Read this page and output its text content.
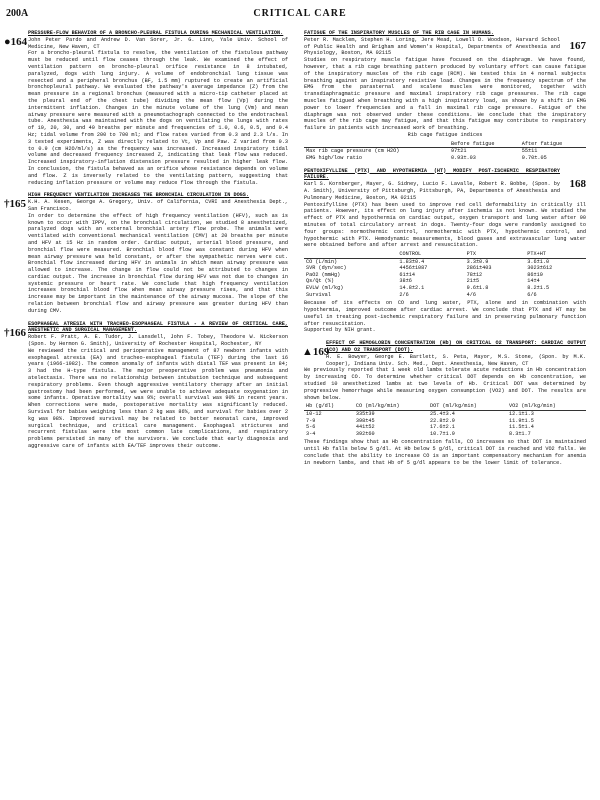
200A	CRITICAL CARE
●164

PRESSURE-FLOW BEHAVIOR OF A BRONCHO-PLEURAL FISTULA DURING MECHANICAL VENTILATION.

John Peter Pardo and Andrew D. Van Sorer, Jr. G. Linn, Yale Univ. School of Medicine, New Haven, CT

For a broncho-pleural fistula to resolve, the ventilation of the fistulous pathway must be reduced until flow ceases through the leak. We examined the effect of ventilation pattern on broncho-pleural orifice resistance in 8 intubated, paralyzed, dogs with lung injury. A volume of endobronchial lung tissue was resected and a peripheral bronchus (BF, 1.5 mm) ruptured to create an artificial bronchopleural pathway. We evaluated the pathway's average impedance (Z) from the mean pressure in a regional bronchus (measured with a micro-tip catheter placed at the pleural end of the chest tube) dividing the mean flow (Vp) during the intermittent inflation. Changes in the minute volume of the lung (Vm) and mean airway pressure were measured with a pneumotachograph connected to the endotracheal tube. Anesthesia was maintained with the dogs on ventilating the lungs with rates of 10, 20, 30, and 40 breaths per minute and frequencies of 1.0, 0.6, 0.5, and 0.4 Hz; tidal volume from 200 to 700 ml; and flow rates varied from 0.3 and 2.3 l/s. In 3 tested experiments, Z was directly related to Vt, Vp and Paw. Z varied from 0.3 to 0.9 (cm H2O/ml/s) as the frequency was increased. Increased inspiratory tidal volume and decreased frequency increased Z, indicating that leak flow was reduced. Increased inspiratory-inflation distension pressure resulted in higher leak flow. In conclusion, the fistula behaved as an orifice whose resistance depends on volume and flow. Z is inversely related to the ventilating pattern, suggesting that reducing inflation pressure or volume may reduce flow through the fistula.

†165

HIGH FREQUENCY VENTILATION INCREASES THE BRONCHIAL CIRCULATION IN DOGS.

K.H. A. Kesen, George A. Gregory, Univ. of California, CVRI and Anesthesia Dept., San Francisco.

In order to determine the effect of high frequency ventilation (HFV), such as is known to occur with IPPV, on the bronchial circulation, we studied 8 anesthetized, paralyzed dogs with an external bronchial artery flow probe. The animals were ventilated with conventional mechanical ventilation (CMV) at 20 breaths per minute and HFV at 15 Hz in random order. Cardiac output, arterial blood pressure, and bronchial flow were measured. Bronchial blood flow was constant during HFV when mean airway pressure was held constant, or after the sympathetic nerves were cut. Bronchial flow increased during HFV in animals in which mean airway pressure was allowed to increase. The change in flow could not be attributed to changes in cardiac output. The increase in bronchial flow during HFV was not due to changes in systemic pressure or heart rate. We conclude that high frequency ventilation increases bronchial blood flow when mean airway pressure rises, and that this increase may be important in the maintenance of the airway mucosa. The slope of the relation between bronchial flow and airway pressure was greater during HFV than during CMV.

†166

ESOPHAGEAL ATRESIA WITH TRACHEO-ESOPHAGEAL FISTULA - A REVIEW OF CRITICAL CARE, ANESTHETIC AND SURGICAL MANAGEMENT.

Robert F. Pratt, A. E. Tudor, J. Lansdell, John F. Tobey, Theodore W. Nickerson (Spon. by Hermon G. Smith), University of Rochester Hospital, Rochester, NY

We reviewed the critical and perioperative management of 87 newborn infants with esophageal atresia (EA) and tracheo-esophageal fistula (TEF) during the last 16 years (1966-1982). The common anomaly of infants with distal TEF was present in 84; 3 had the H-type fistula. The major preoperative problem was pneumonia and atelectasis. There was no relationship between intubation technique and subsequent respiratory problems. Even though aggressive ventilatory therapy after an initial gastrostomy had been performed, we were unable to achieve adequate oxygenation in some infants. Operative mortality was 9%; overall survival was 90% in recent years. When corrections were made, postoperative mortality was significantly reduced. Survival for babies weighing less than 2 kg was 86%, and survival for babies over 2 kg was 98%. Improved survival may be related to better neonatal care, improved surgical technique, and critical care management. Esophageal strictures and recurrent fistulas were the most common late complications, and respiratory problems persisted in many of the survivors. We conclude that early diagnosis and aggressive care of infants with EA/TEF improves their outcome.

167

FATIGUE OF THE INSPIRATORY MUSCLES OF THE RIB CAGE IN HUMANS.

Peter R. Macklem, Stephen H. Loring, Jere Mead, Lowell D. Woodson, Harvard School of Public Health and Brigham and Women's Hospital, Departments of Anesthesia and Physiology, Boston, MA 02115

Studies on respiratory muscle fatigue have focused on the diaphragm. We have found, however, that a rib cage breathing pattern produced by voluntary effort can cause fatigue of the inspiratory muscles of the rib cage (RCM). We tested this in 4 normal subjects breathing against an inspiratory resistive load. Changes in the frequency spectrum of the EMG from the parasternal and scalene muscles were monitored, together with transdiaphragmatic pressure and maximal inspiratory rib cage pressures. The rib cage muscles fatigued when breathing with a high inspiratory load, as shown by a shift in EMG power to lower frequencies and a fall in maximal rib cage pressure. Fatigue of the diaphragm was not observed under these conditions. We conclude that the inspiratory muscles of the rib cage may fatigue, and that this fatigue may contribute to respiratory failure in patients with increased work of breathing.

Rib cage fatigue indices

	Before fatigue	After fatigue
Max rib cage pressure (cm H2O)	97±21	55±11
EMG high/low ratio	0.93±.03	0.70±.05
168

PENTOXIFYLLINE (PTX) AND HYPOTHERMIA (HT) MODIFY POST-ISCHEMIC RESPIRATORY FAILURE.

Karl S. Kornberger, Mayer, G. Sidney, Lucio F. Lavalle, Robert R. Bobbe, (Spon. by A. Smith), University of Pittsburgh, Pittsburgh, PA, Departments of Anesthesia and Pulmonary Medicine, Boston, MA 02115

Pentoxifylline (PTX) has been used to improve red cell deformability in critically ill patients. However, its effect on lung injury after ischemia is not known. We studied the effect of PTX and hypothermia on cardiac output, oxygen transport and lung water after 90 minutes of total circulatory arrest in dogs. Twenty-four dogs were randomly assigned to four groups: normothermic control, normothermic with PTX, hypothermic control, and hypothermic with PTX. Hemodynamic measurements, blood gases and extravascular lung water were obtained before and after arrest and resuscitation.

	CONTROL	PTX	PTX+HT
CO (L/min)	1.83±0.4	3.3±0.9	3.6±1.0
SVR (dyn/sec)	4456±1087	2861±403	3023±612
PaO2 (mmHg)	61±14	78±12	86±10
Qs/Qt (%)	38±6	21±5	14±4
EVLW (ml/kg)	14.8±2.1	9.6±1.8	8.2±1.5
Survival	2/6	4/6	6/6

Because of its effects on CO and lung water, PTX, alone and in combination with hypothermia, improved outcome after cardiac arrest. We conclude that PTX and HT may be useful in treating post-ischemic respiratory failure and in preserving pulmonary function after resuscitation.

Supported by NIH grant.

▲169

EFFECT OF HEMOGLOBIN CONCENTRATION (Hb) ON CRITICAL O2 TRANSPORT: CARDIAC OUTPUT (CO) AND O2 TRANSPORT (DOT).

H. E. Bowyer, George E. Bartlett, S. Peta, Mayor, M.S. Stone, (Spon. by M.K. Cooper), Indiana Univ. Sch. Med., Dept. Anesthesia, New Haven, CT

We previously reported that 1 week old lambs tolerate acute reductions in Hb concentration by increasing CO. To determine whether critical DOT depends on Hb concentration, we studied 10 anesthetized lambs at two levels of Hb. Critical DOT was determined by progressive hemorrhage while measuring oxygen consumption (VO2) and DOT. The results are shown below.

Hb (g/dl)	CO (ml/kg/min)	DOT (ml/kg/min)	VO2 (ml/kg/min)
10-12	335±39	25.4±3.4	12.1±1.3
7-9	398±45	22.8±2.9	11.9±1.5
5-6	441±52	17.6±2.1	11.5±1.4
3-4	392±60	10.7±1.9	8.3±1.7

These findings show that as Hb concentration falls, CO increases so that DOT is maintained until Hb falls below 5 g/dl. At Hb below 5 g/dl, critical DOT is reached and VO2 falls. We conclude that the ability to increase CO is an important compensatory mechanism for anemia in newborn lambs, and that Hb of 5 g/dl appears to be the lower limit of tolerance.
